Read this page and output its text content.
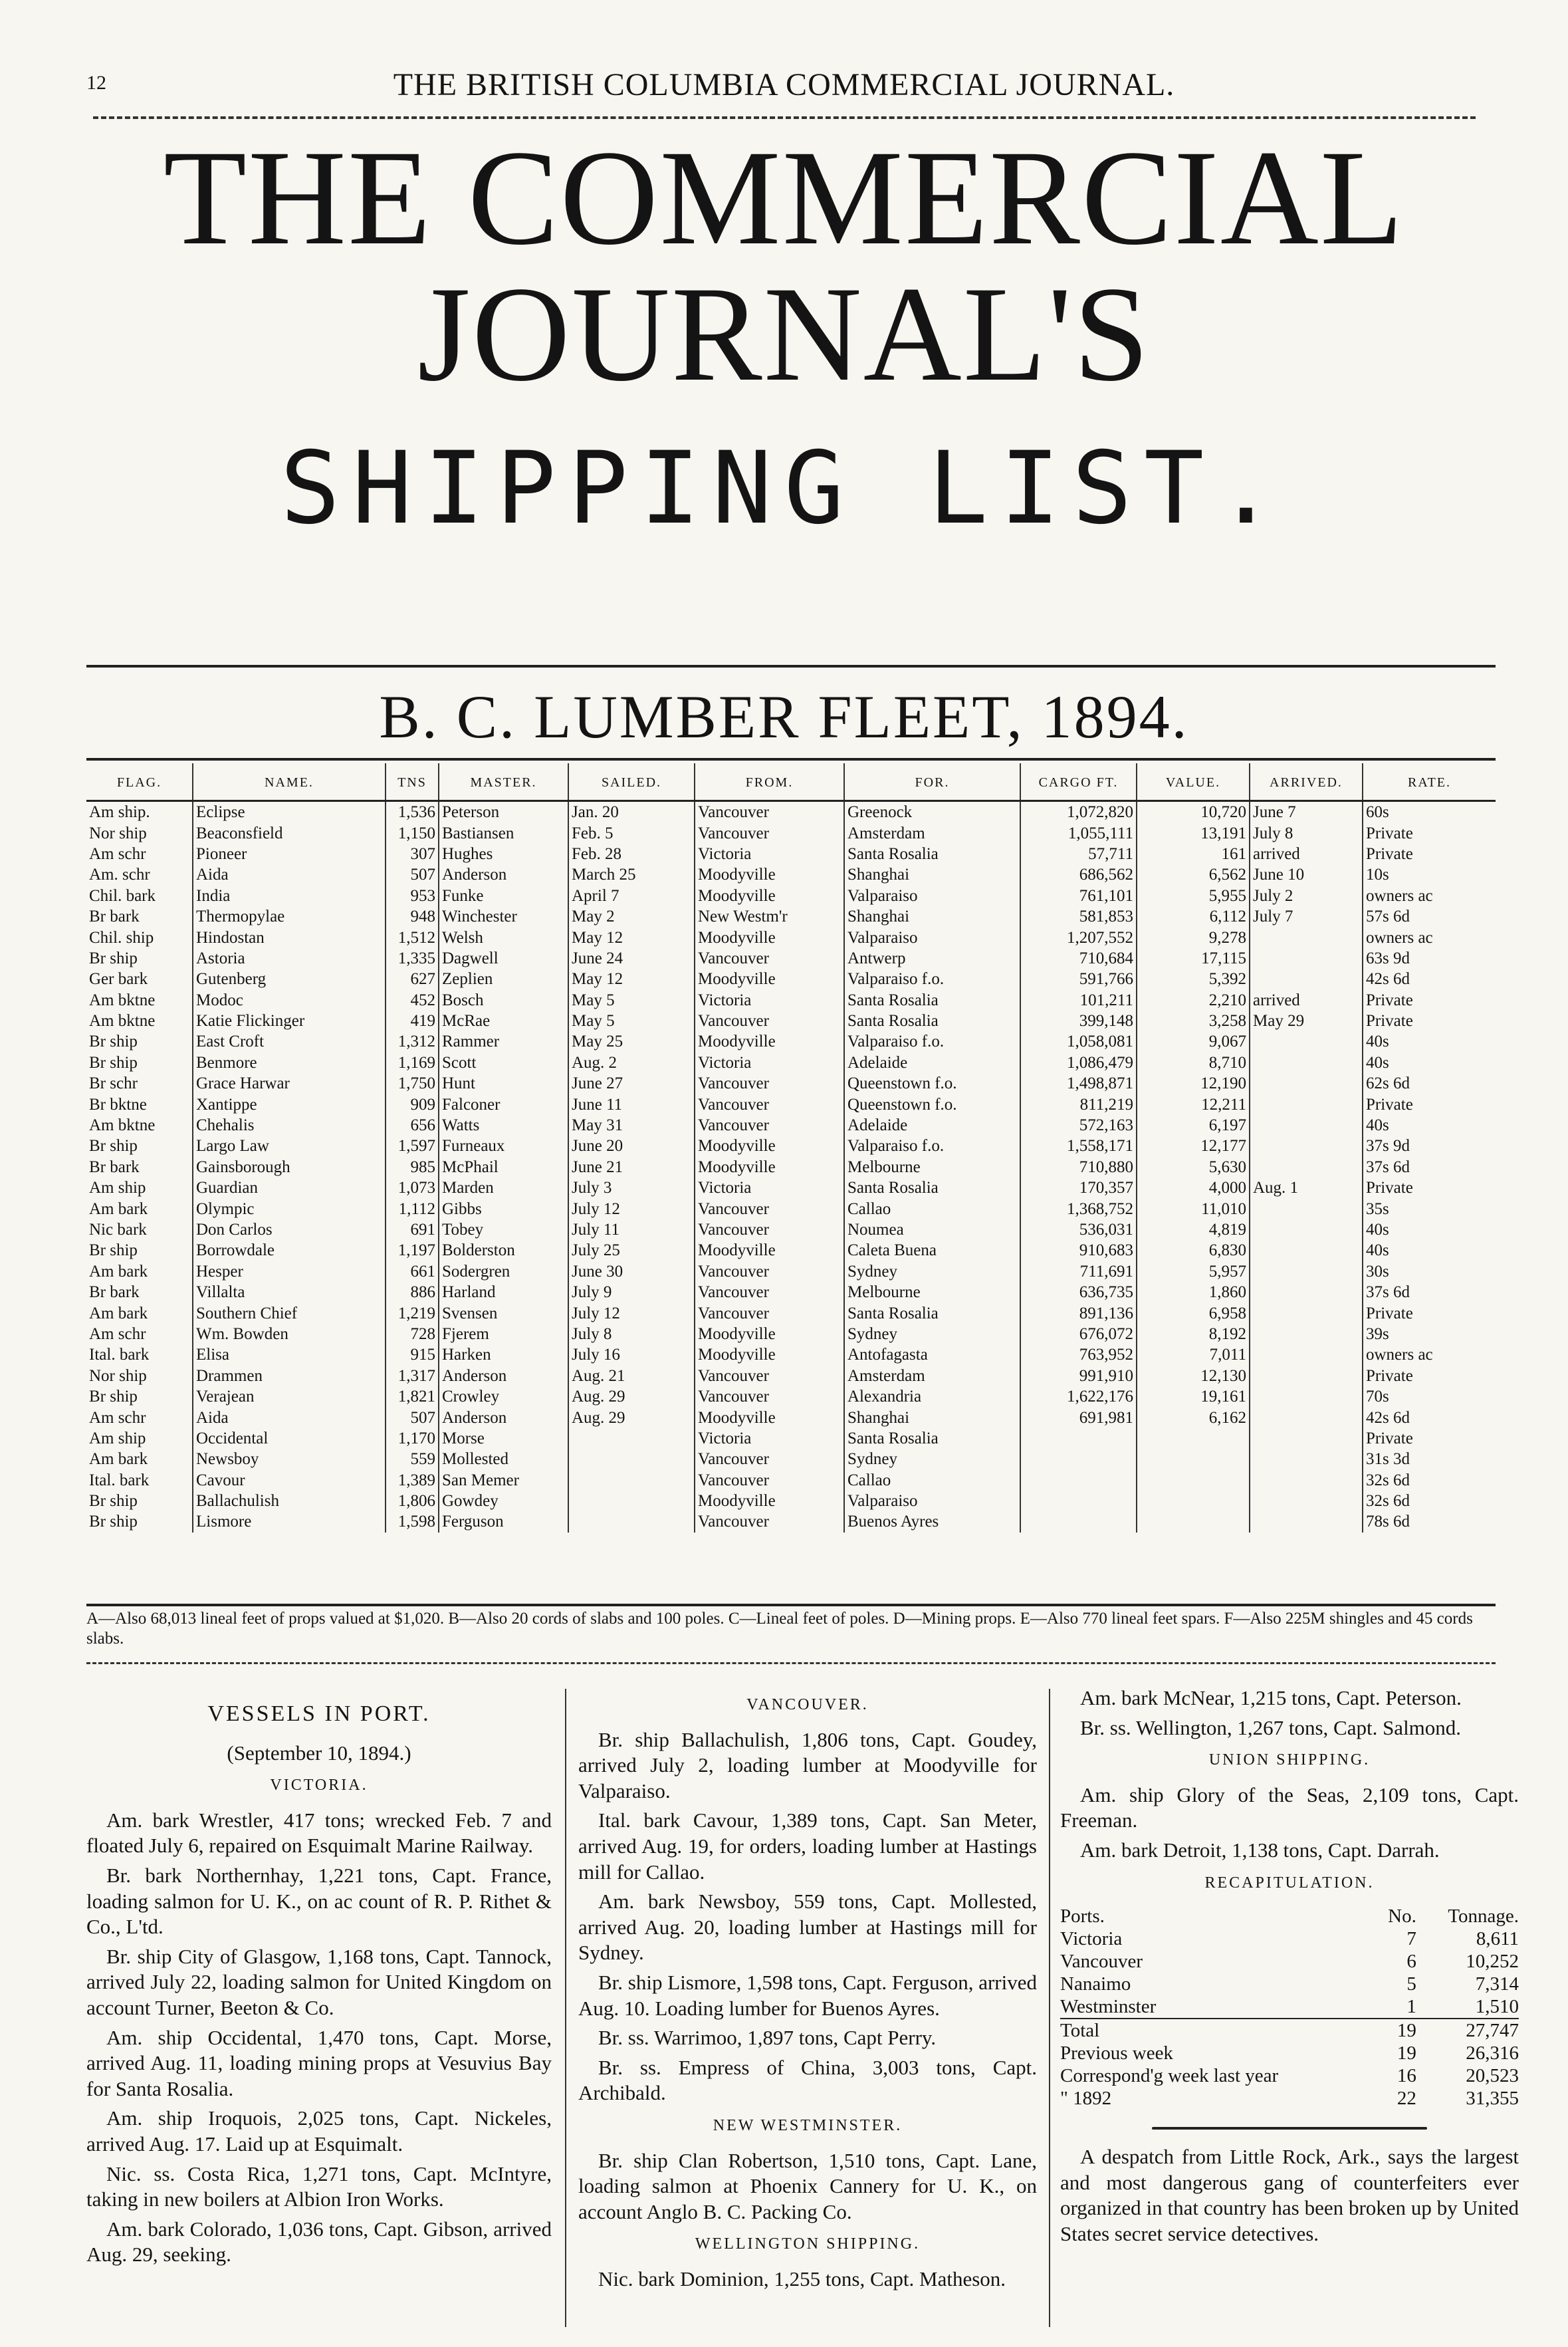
12	THE BRITISH COLUMBIA COMMERCIAL JOURNAL.
THE COMMERCIAL JOURNAL'S
SHIPPING LIST.
B. C. LUMBER FLEET, 1894.
FLAG.	NAME.	TNS	MASTER.	SAILED.	FROM.	FOR.	CARGO FT.	VALUE.	ARRIVED.	RATE.
Am ship.	Eclipse	1,536	Peterson	Jan. 20	Vancouver	Greenock	1,072,820	10,720	June 7	60s
Nor ship	Beaconsfield	1,150	Bastiansen	Feb. 5	Vancouver	Amsterdam	1,055,111	13,191	July 8	Private
Am schr	Pioneer	307	Hughes	Feb. 28	Victoria	Santa Rosalia	57,711	161	arrived	Private
Am. schr	Aida	507	Anderson	March 25	Moodyville	Shanghai	686,562	6,562	June 10	10s
Chil. bark	India	953	Funke	April 7	Moodyville	Valparaiso	761,101	5,955	July 2	owners ac
Br bark	Thermopylae	948	Winchester	May 2	New Westm'r	Shanghai	581,853	6,112	July 7	57s 6d
Chil. ship	Hindostan	1,512	Welsh	May 12	Moodyville	Valparaiso	1,207,552	9,278		owners ac
Br ship	Astoria	1,335	Dagwell	June 24	Vancouver	Antwerp	710,684	17,115		63s 9d
Ger bark	Gutenberg	627	Zeplien	May 12	Moodyville	Valparaiso f.o.	591,766	5,392		42s 6d
Am bktne	Modoc	452	Bosch	May 5	Victoria	Santa Rosalia	101,211	2,210	arrived	Private
Am bktne	Katie Flickinger	419	McRae	May 5	Vancouver	Santa Rosalia	399,148	3,258	May 29	Private
Br ship	East Croft	1,312	Rammer	May 25	Moodyville	Valparaiso f.o.	1,058,081	9,067		40s
Br ship	Benmore	1,169	Scott	Aug. 2	Victoria	Adelaide	1,086,479	8,710		40s
Br schr	Grace Harwar	1,750	Hunt	June 27	Vancouver	Queenstown f.o.	1,498,871	12,190		62s 6d
Br bktne	Xantippe	909	Falconer	June 11	Vancouver	Queenstown f.o.	811,219	12,211		Private
Am bktne	Chehalis	656	Watts	May 31	Vancouver	Adelaide	572,163	6,197		40s
Br ship	Largo Law	1,597	Furneaux	June 20	Moodyville	Valparaiso f.o.	1,558,171	12,177		37s 9d
Br bark	Gainsborough	985	McPhail	June 21	Moodyville	Melbourne	710,880	5,630		37s 6d
Am ship	Guardian	1,073	Marden	July 3	Victoria	Santa Rosalia	170,357	4,000	Aug. 1	Private
Am bark	Olympic	1,112	Gibbs	July 12	Vancouver	Callao	1,368,752	11,010		35s
Nic bark	Don Carlos	691	Tobey	July 11	Vancouver	Noumea	536,031	4,819		40s
Br ship	Borrowdale	1,197	Bolderston	July 25	Moodyville	Caleta Buena	910,683	6,830		40s
Am bark	Hesper	661	Sodergren	June 30	Vancouver	Sydney	711,691	5,957		30s
Br bark	Villalta	886	Harland	July 9	Vancouver	Melbourne	636,735	1,860		37s 6d
Am bark	Southern Chief	1,219	Svensen	July 12	Vancouver	Santa Rosalia	891,136	6,958		Private
Am schr	Wm. Bowden	728	Fjerem	July 8	Moodyville	Sydney	676,072	8,192		39s
Ital. bark	Elisa	915	Harken	July 16	Moodyville	Antofagasta	763,952	7,011		owners ac
Nor ship	Drammen	1,317	Anderson	Aug. 21	Vancouver	Amsterdam	991,910	12,130		Private
Br ship	Verajean	1,821	Crowley	Aug. 29	Vancouver	Alexandria	1,622,176	19,161		70s
Am schr	Aida	507	Anderson	Aug. 29	Moodyville	Shanghai	691,981	6,162		42s 6d
Am ship	Occidental	1,170	Morse		Victoria	Santa Rosalia				Private
Am bark	Newsboy	559	Mollested		Vancouver	Sydney				31s 3d
Ital. bark	Cavour	1,389	San Memer		Vancouver	Callao				32s 6d
Br ship	Ballachulish	1,806	Gowdey		Moodyville	Valparaiso				32s 6d
Br ship	Lismore	1,598	Ferguson		Vancouver	Buenos Ayres				78s 6d
A—Also 68,013 lineal feet of props valued at $1,020. B—Also 20 cords of slabs and 100 poles. C—Lineal feet of poles. D—Mining props. E—Also 770 lineal feet spars. F—Also 225M shingles and 45 cords slabs.
VESSELS IN PORT.

(September 10, 1894.)

VICTORIA.

Am. bark Wrestler, 417 tons; wrecked Feb. 7 and floated July 6, repaired on Esquimalt Marine Railway.

Br. bark Northernhay, 1,221 tons, Capt. France, loading salmon for U. K., on ac count of R. P. Rithet & Co., L'td.

Br. ship City of Glasgow, 1,168 tons, Capt. Tannock, arrived July 22, loading salmon for United Kingdom on account Turner, Beeton & Co.

Am. ship Occidental, 1,470 tons, Capt. Morse, arrived Aug. 11, loading mining props at Vesuvius Bay for Santa Rosalia.

Am. ship Iroquois, 2,025 tons, Capt. Nickeles, arrived Aug. 17. Laid up at Esquimalt.

Nic. ss. Costa Rica, 1,271 tons, Capt. McIntyre, taking in new boilers at Albion Iron Works.

Am. bark Colorado, 1,036 tons, Capt. Gibson, arrived Aug. 29, seeking.

VANCOUVER.

Br. ship Ballachulish, 1,806 tons, Capt. Goudey, arrived July 2, loading lumber at Moodyville for Valparaiso.

Ital. bark Cavour, 1,389 tons, Capt. San Meter, arrived Aug. 19, for orders, loading lumber at Hastings mill for Callao.

Am. bark Newsboy, 559 tons, Capt. Mollested, arrived Aug. 20, loading lumber at Hastings mill for Sydney.

Br. ship Lismore, 1,598 tons, Capt. Ferguson, arrived Aug. 10. Loading lumber for Buenos Ayres.

Br. ss. Warrimoo, 1,897 tons, Capt Perry.

Br. ss. Empress of China, 3,003 tons, Capt. Archibald.

NEW WESTMINSTER.

Br. ship Clan Robertson, 1,510 tons, Capt. Lane, loading salmon at Phoenix Cannery for U. K., on account Anglo B. C. Packing Co.

WELLINGTON SHIPPING.

Nic. bark Dominion, 1,255 tons, Capt. Matheson.

Am. bark McNear, 1,215 tons, Capt. Peterson.

Br. ss. Wellington, 1,267 tons, Capt. Salmond.

UNION SHIPPING.

Am. ship Glory of the Seas, 2,109 tons, Capt. Freeman.

Am. bark Detroit, 1,138 tons, Capt. Darrah.

RECAPITULATION.

Ports.	No.	Tonnage.
Victoria	7	8,611
Vancouver	6	10,252
Nanaimo	5	7,314
Westminster	1	1,510
Total	19	27,747
Previous week	19	26,316
Correspond'g week last year	16	20,523
" 1892	22	31,355

A despatch from Little Rock, Ark., says the largest and most dangerous gang of counterfeiters ever organized in that country has been broken up by United States secret service detectives.
